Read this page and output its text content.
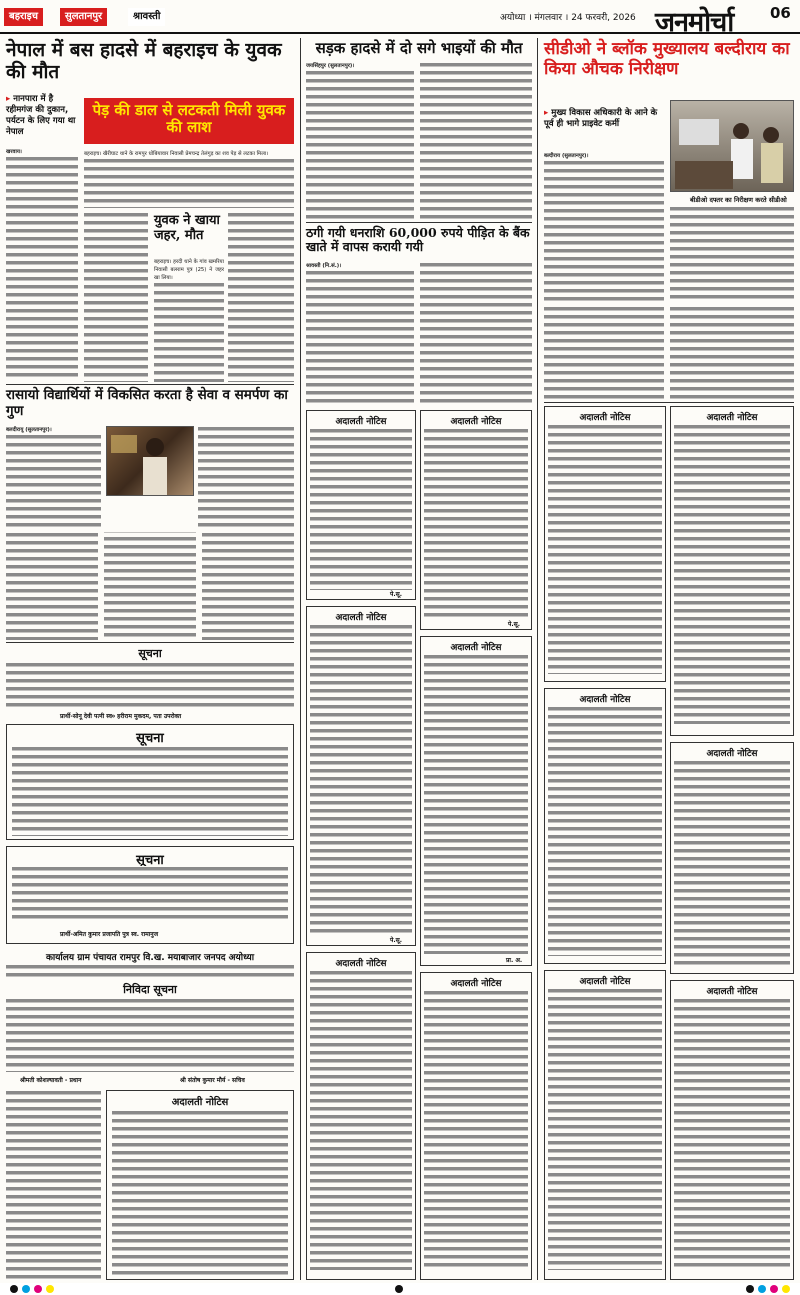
बहराइच	सुलतानपुर	श्रावस्ती	अयोध्या । मंगलवार । 24 फरवरी, 2026 जनमोर्चा 06
नेपाल में बस हादसे में बहराइच के युवक की मौत
▸ नानपारा में है रहीमगंज की दुकान, पर्यटन के लिए गया था नेपाल
खरवाय।
पेड़ की डाल से लटकती मिली युवक की लाश
बहराइच। खैरीघाट थाने के रामपुर धोबियावार निवासी प्रेमचन्द्र तेलंगुड़ का शव पेड़ से लटका मिला।
युवक ने खाया जहर, मौत
बहराइच। हरदी थाने के गांव खमरिया निवासी बलराम पुत्र (25) ने जहर खा लिया।
रासायो विद्यार्थियों में विकसित करता है सेवा व समर्पण का गुण
बलदीरायू (सुलतानपुर)।
सूचना
प्रार्थी-सोनू देवी पत्नी स्व० हरीराम मुकदम, पता उपरोक्त
सूचना
सूचना
प्रार्थी-अमित कुमार प्रजापति पुत्र स्व. रामानुज
कार्यालय ग्राम पंचायत रामपुर वि.ख. मयाबाजार जनपद अयोध्या
निविदा सूचना
श्रीमती कोशल्यावती - प्रधान	श्री संतोष कुमार मौर्य - सचिव
अदालती नोटिस
सड़क हादसे में दो सगे भाइयों की मौत
जयसिंहपुर (सुलतानपुर)।
ठगी गयी धनराशि 60,000 रुपये पीड़ित के बैंक खाते में वापस करायी गयी
श्रावस्ती (नि.सं.)।
अदालती नोटिस
पे.सू.
अदालती नोटिस
पे.सू.
अदालती नोटिस
पे.सू.
अदालती नोटिस
प्रा. अ.
अदालती नोटिस
अदालती नोटिस
सीडीओ ने ब्लॉक मुख्यालय बल्दीराय का किया औचक निरीक्षण
▸ मुख्य विकास अधिकारी के आने के पूर्व ही भागे प्राइवेट कर्मी
बल्दीराय (सुलतानपुर)।
बीडीओ दफ्तर का निरीक्षण करते सीडीओ
अदालती नोटिस	अदालती नोटिस
अदालती नोटिस
अदालती नोटिस
अदालती नोटिस
अदालती नोटिस
